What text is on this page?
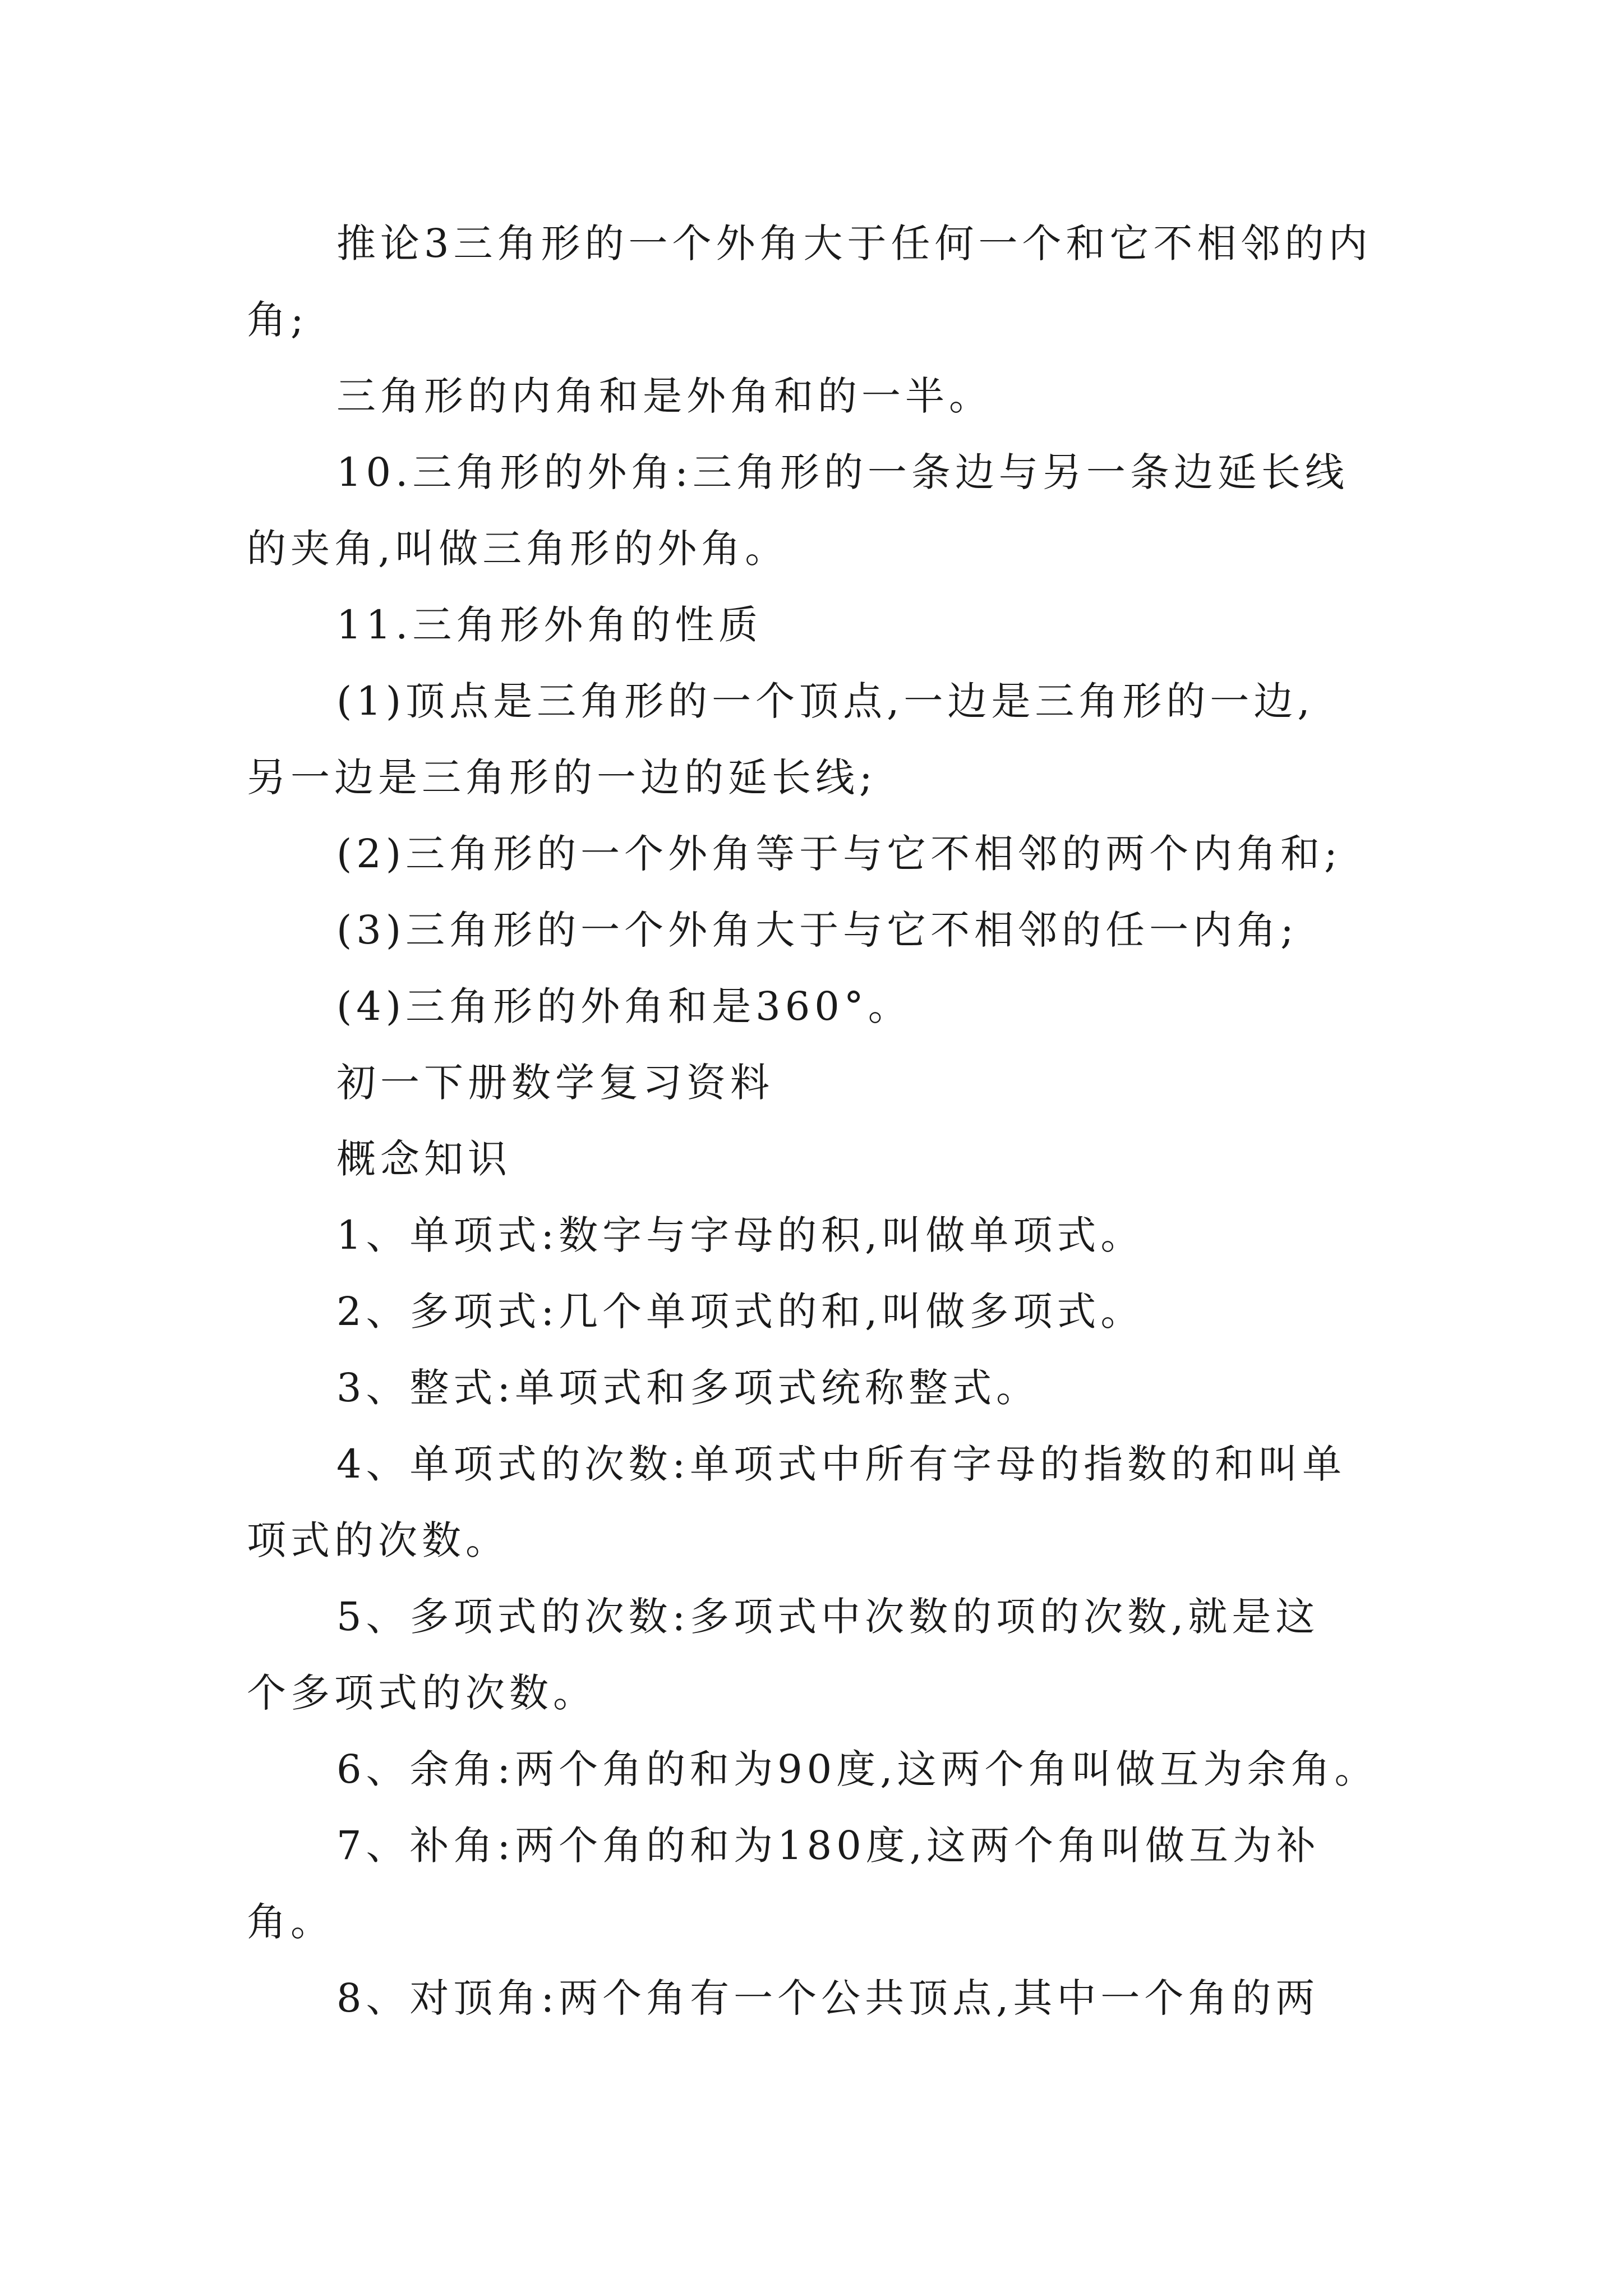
推论3三角形的一个外角大于任何一个和它不相邻的内

角;

三角形的内角和是外角和的一半。

10.三角形的外角:三角形的一条边与另一条边延长线

的夹角,叫做三角形的外角。

11.三角形外角的性质

(1)顶点是三角形的一个顶点,一边是三角形的一边,

另一边是三角形的一边的延长线;

(2)三角形的一个外角等于与它不相邻的两个内角和;

(3)三角形的一个外角大于与它不相邻的任一内角;

(4)三角形的外角和是360°。

初一下册数学复习资料

概念知识

1、单项式:数字与字母的积,叫做单项式。

2、多项式:几个单项式的和,叫做多项式。

3、整式:单项式和多项式统称整式。

4、单项式的次数:单项式中所有字母的指数的和叫单

项式的次数。

5、多项式的次数:多项式中次数的项的次数,就是这

个多项式的次数。

6、余角:两个角的和为90度,这两个角叫做互为余角。

7、补角:两个角的和为180度,这两个角叫做互为补

角。

8、对顶角:两个角有一个公共顶点,其中一个角的两
